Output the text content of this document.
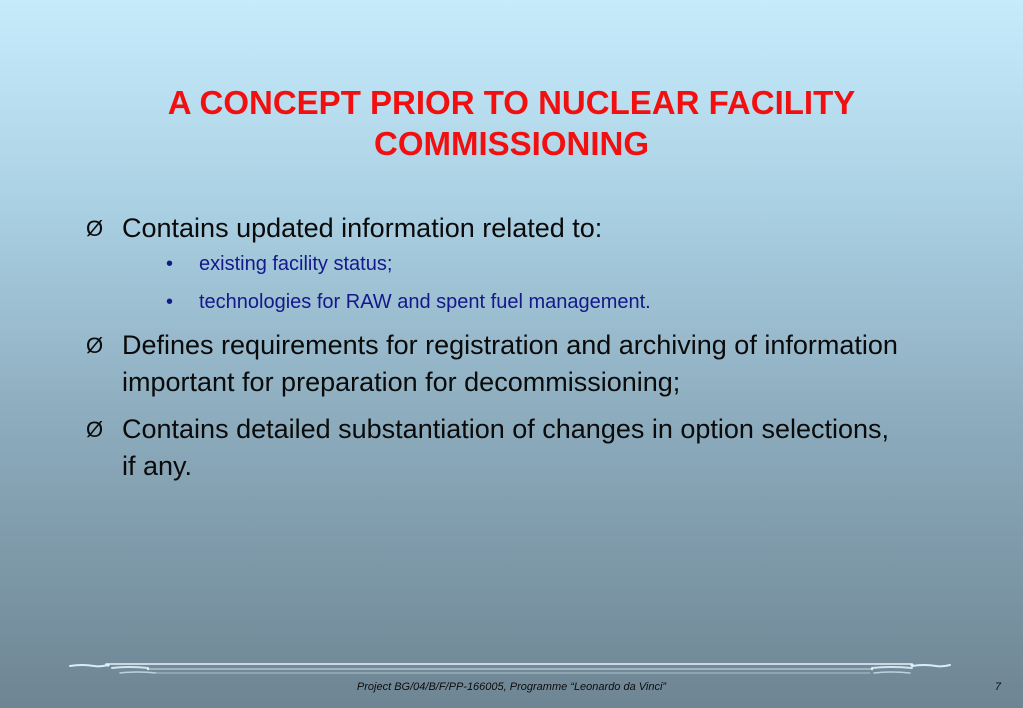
A CONCEPT PRIOR TO NUCLEAR FACILITY
COMMISSIONING
Ø Contains updated information related to:
• existing facility status;
• technologies for RAW and spent fuel management.
Ø Defines requirements for registration and archiving of information important for preparation for decommissioning;
Ø Contains detailed substantiation of changes in option selections, if any.
Project BG/04/B/F/PP-166005, Programme “Leonardo da Vinci”	7
